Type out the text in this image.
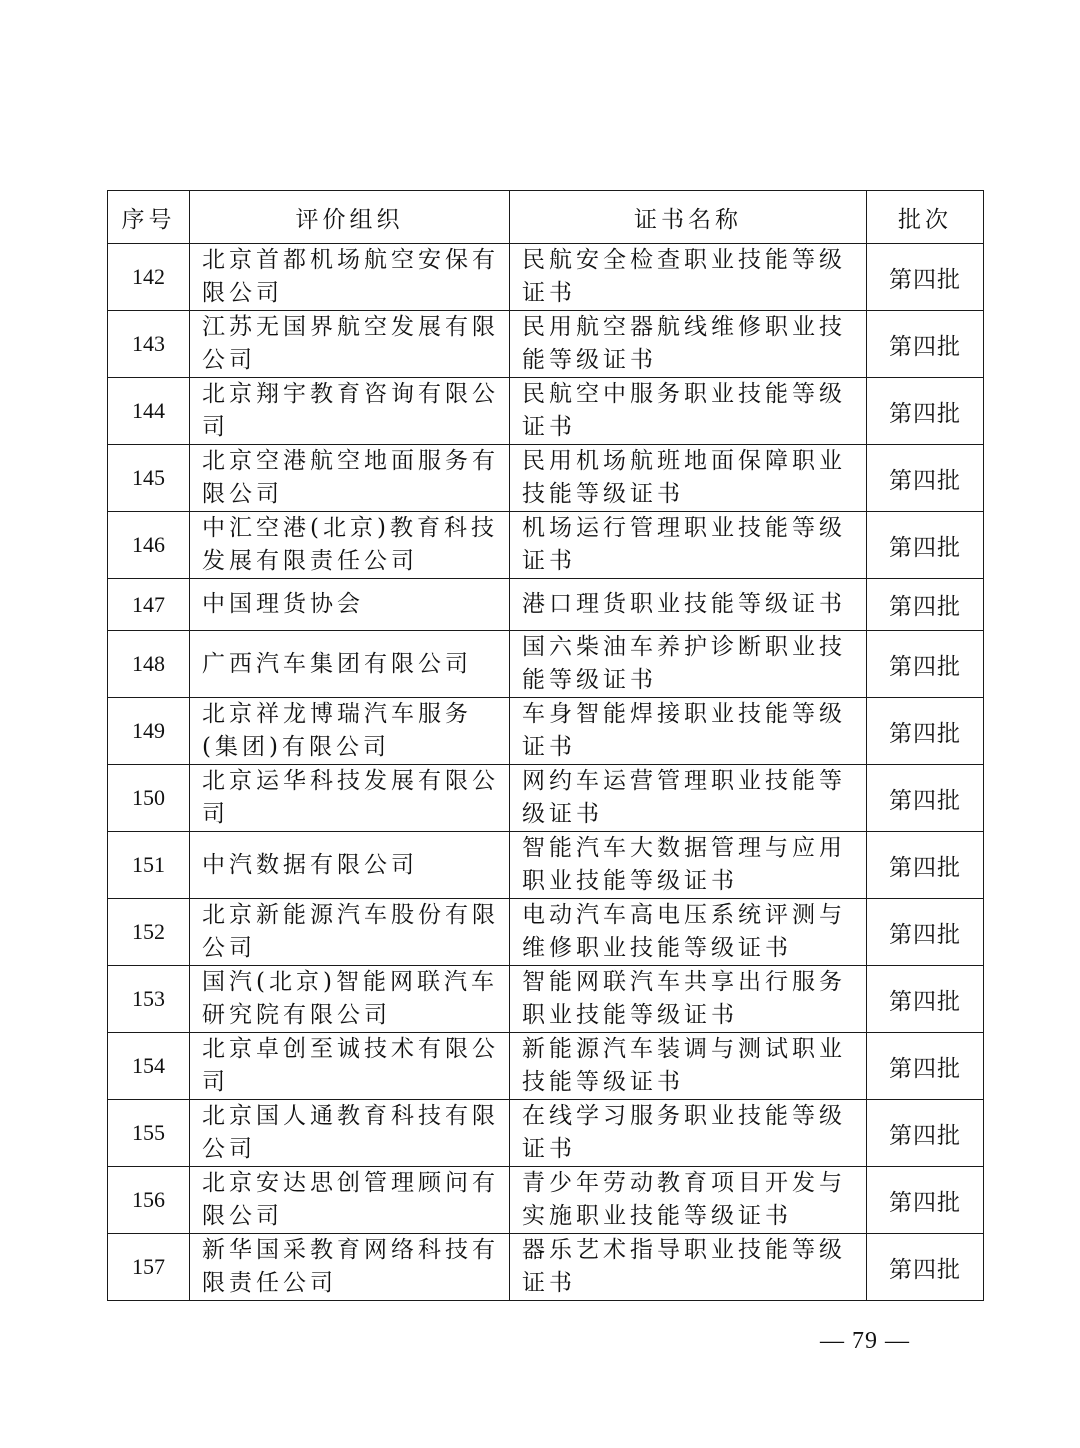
序号	评价组织	证书名称	批次
142	北京首都机场航空安保有限公司	民航安全检查职业技能等级证书	第四批
143	江苏无国界航空发展有限公司	民用航空器航线维修职业技能等级证书	第四批
144	北京翔宇教育咨询有限公司	民航空中服务职业技能等级证书	第四批
145	北京空港航空地面服务有限公司	民用机场航班地面保障职业技能等级证书	第四批
146	中汇空港(北京)教育科技发展有限责任公司	机场运行管理职业技能等级证书	第四批
147	中国理货协会	港口理货职业技能等级证书	第四批
148	广西汽车集团有限公司	国六柴油车养护诊断职业技能等级证书	第四批
149	北京祥龙博瑞汽车服务(集团)有限公司	车身智能焊接职业技能等级证书	第四批
150	北京运华科技发展有限公司	网约车运营管理职业技能等级证书	第四批
151	中汽数据有限公司	智能汽车大数据管理与应用职业技能等级证书	第四批
152	北京新能源汽车股份有限公司	电动汽车高电压系统评测与维修职业技能等级证书	第四批
153	国汽(北京)智能网联汽车研究院有限公司	智能网联汽车共享出行服务职业技能等级证书	第四批
154	北京卓创至诚技术有限公司	新能源汽车装调与测试职业技能等级证书	第四批
155	北京国人通教育科技有限公司	在线学习服务职业技能等级证书	第四批
156	北京安达思创管理顾问有限公司	青少年劳动教育项目开发与实施职业技能等级证书	第四批
157	新华国采教育网络科技有限责任公司	器乐艺术指导职业技能等级证书	第四批
— 79 —
